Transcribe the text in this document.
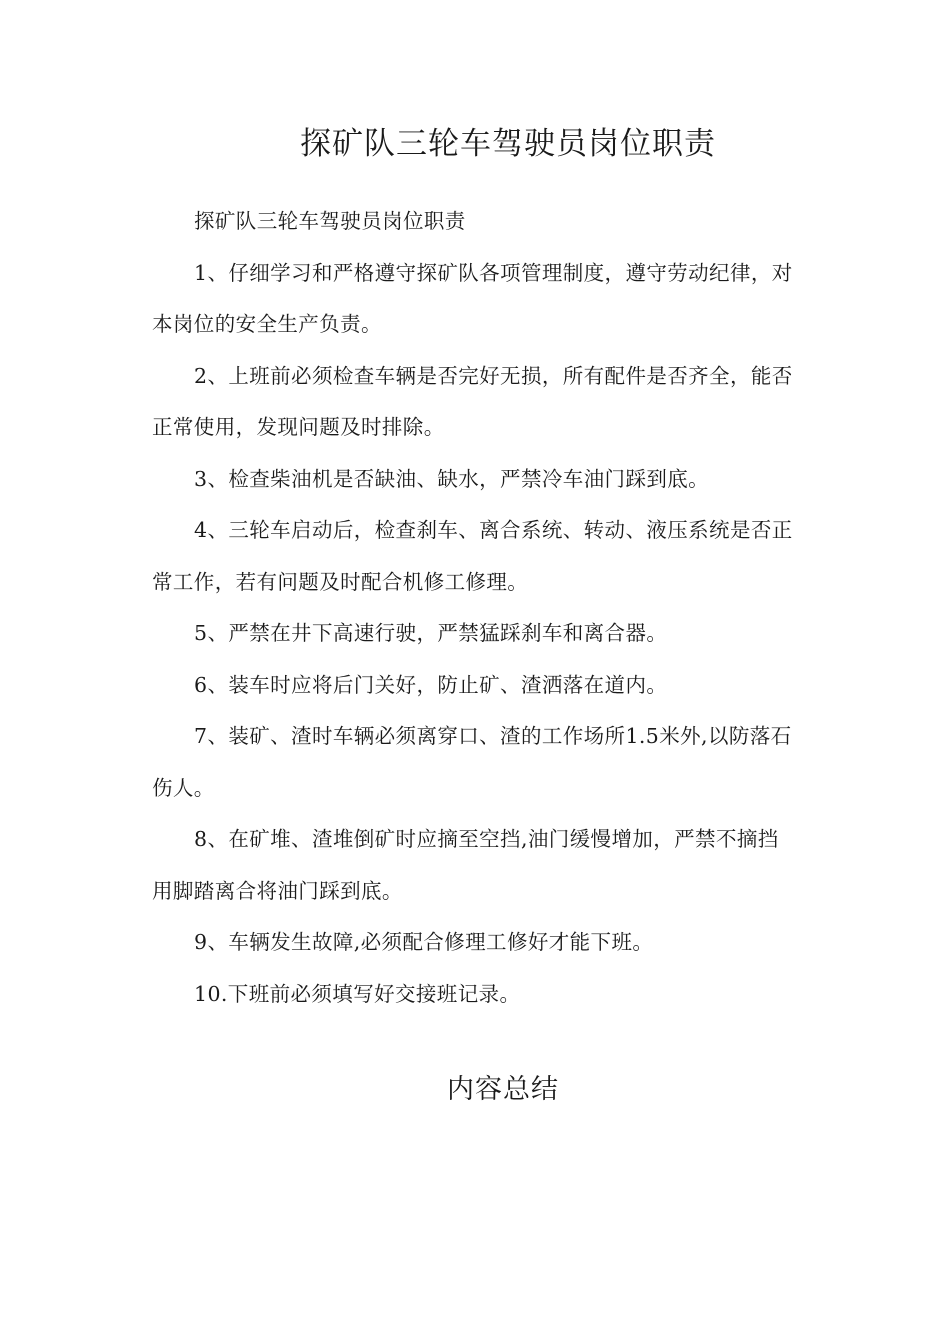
探矿队三轮车驾驶员岗位职责

探矿队三轮车驾驶员岗位职责

1、仔细学习和严格遵守探矿队各项管理制度，遵守劳动纪律，对本岗位的安全生产负责。

2、上班前必须检查车辆是否完好无损，所有配件是否齐全，能否正常使用，发现问题及时排除。

3、检查柴油机是否缺油、缺水，严禁冷车油门踩到底。

4、三轮车启动后，检查刹车、离合系统、转动、液压系统是否正常工作，若有问题及时配合机修工修理。

5、严禁在井下高速行驶，严禁猛踩刹车和离合器。

6、装车时应将后门关好，防止矿、渣洒落在道内。

7、装矿、渣时车辆必须离穿口、渣的工作场所1.5米外,以防落石伤人。

8、在矿堆、渣堆倒矿时应摘至空挡,油门缓慢增加，严禁不摘挡用脚踏离合将油门踩到底。

9、车辆发生故障,必须配合修理工修好才能下班。

10.下班前必须填写好交接班记录。

内容总结
